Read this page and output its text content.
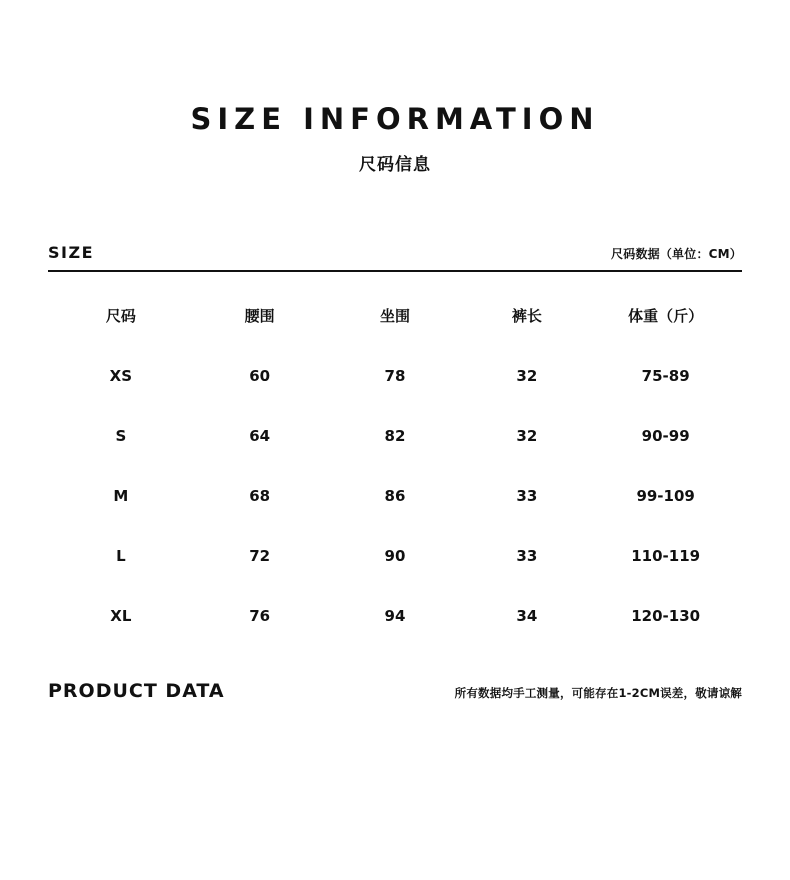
SIZE INFORMATION
尺码信息
SIZE	尺码数据（单位：CM）
尺码	腰围	坐围	裤长	体重（斤）
XS	60	78	32	75-89
S	64	82	32	90-99
M	68	86	33	99-109
L	72	90	33	110-119
XL	76	94	34	120-130
PRODUCT DATA	所有数据均手工测量，可能存在1-2CM误差，敬请谅解
